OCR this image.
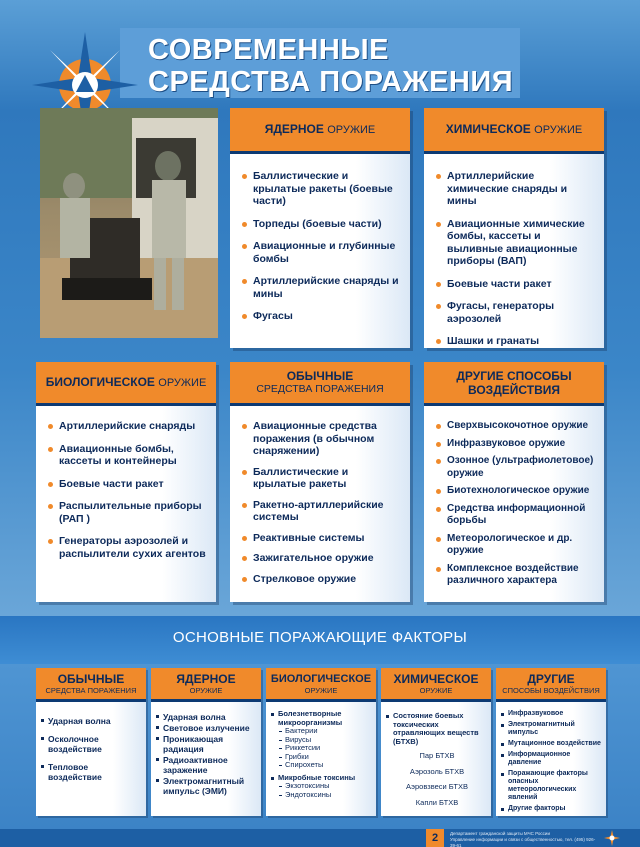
СОВРЕМЕННЫЕ
СРЕДСТВА ПОРАЖЕНИЯ
ЯДЕРНОЕ ОРУЖИЕ
Баллистические и крылатые ракеты (боевые части)
Торпеды (боевые части)
Авиационные и глубинные бомбы
Артиллерийские снаряды и мины
Фугасы
ХИМИЧЕСКОЕ ОРУЖИЕ
Артиллерийские химические снаряды и мины
Авиационные химические бомбы, кассеты и выливные авиационные приборы (ВАП)
Боевые части ракет
Фугасы, генераторы аэрозолей
Шашки и гранаты
БИОЛОГИЧЕСКОЕ ОРУЖИЕ
Артиллерийские снаряды
Авиационные бомбы, кассеты и контейнеры
Боевые части ракет
Распылительные приборы (РАП )
Генераторы аэрозолей и распылители сухих агентов
ОБЫЧНЫЕ
СРЕДСТВА ПОРАЖЕНИЯ
Авиационные средства поражения (в обычном снаряжении)
Баллистические и крылатые ракеты
Ракетно-артиллерийские системы
Реактивные системы
Зажигательное оружие
Стрелковое оружие
ДРУГИЕ СПОСОБЫ
ВОЗДЕЙСТВИЯ
Сверхвысокочотное оружие
Инфразвуковое оружие
Озонное (ультрафиолетовое) оружие
Биотехнологическое оружие
Средства информационной борьбы
Метеорологическое и др. оружие
Комплексное воздействие различного характера
ОСНОВНЫЕ ПОРАЖАЮЩИЕ ФАКТОРЫ
ОБЫЧНЫЕ
СРЕДСТВА ПОРАЖЕНИЯ
Ударная волна
Осколочное воздействие
Тепловое воздействие
ЯДЕРНОЕ
ОРУЖИЕ
Ударная волна
Световое излучение
Проникающая радиация
Радиоактивное заражение
Электромагнитный импульс (ЭМИ)
БИОЛОГИЧЕСКОЕ
ОРУЖИЕ
Болезнетворные микроорганизмы
Бактерии
Вирусы
Риккетсии
Грибки
Спирохеты
Микробные токсины
Экзотоксины
Эндотоксины
ХИМИЧЕСКОЕ
ОРУЖИЕ
Состояние боевых токсических отравляющих веществ (БТХВ)
Пар БТХВ
Аэрозоль БТХВ
Аэровзвеси БТХВ
Капли БТХВ
ДРУГИЕ
СПОСОБЫ ВОЗДЕЙСТВИЯ
Инфразвуковое
Электромагнитный импульс
Мутационное воздействие
Информационное давление
Поражающие факторы опасных метеорологических явлений
Другие факторы
2	Департамент гражданской защиты МЧС России
Управление информации и связи с общественностью, тел. (495) 926-39-61
